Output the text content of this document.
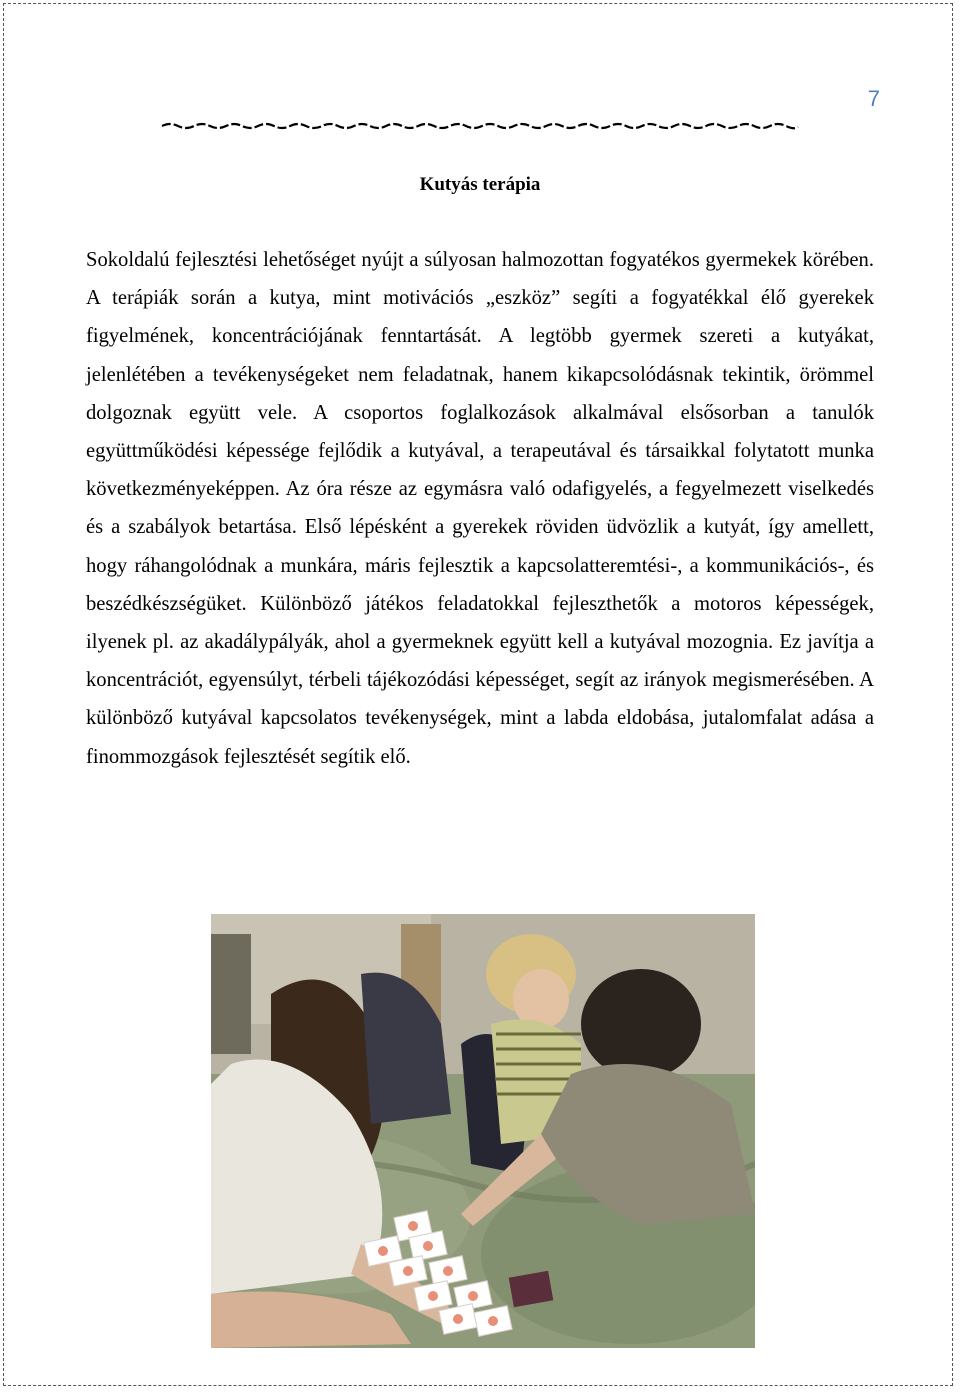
7
Kutyás terápia

Sokoldalú fejlesztési lehetőséget nyújt a súlyosan halmozottan fogyatékos gyermekek körében. A terápiák során a kutya, mint motivációs „eszköz” segíti a fogyatékkal élő gyerekek figyelmének, koncentrációjának fenntartását. A legtöbb gyermek szereti a kutyákat, jelenlétében a tevékenységeket nem feladatnak, hanem kikapcsolódásnak tekintik, örömmel dolgoznak együtt vele. A csoportos foglalkozások alkalmával elsősorban a tanulók együttműködési képessége fejlődik a kutyával, a terapeutával és társaikkal folytatott munka következményeképpen. Az óra része az egymásra való odafigyelés, a fegyelmezett viselkedés és a szabályok betartása. Első lépésként a gyerekek röviden üdvözlik a kutyát, így amellett, hogy ráhangolódnak a munkára, máris fejlesztik a kapcsolatteremtési-, a kommunikációs-, és beszédkészségüket. Különböző játékos feladatokkal fejleszthetők a motoros képességek, ilyenek pl. az akadálypályák, ahol a gyermeknek együtt kell a kutyával mozognia. Ez javítja a koncentrációt, egyensúlyt, térbeli tájékozódási képességet, segít az irányok megismerésében. A különböző kutyával kapcsolatos tevékenységek, mint a labda eldobása, jutalomfalat adása a finommozgások fejlesztését segítik elő.
